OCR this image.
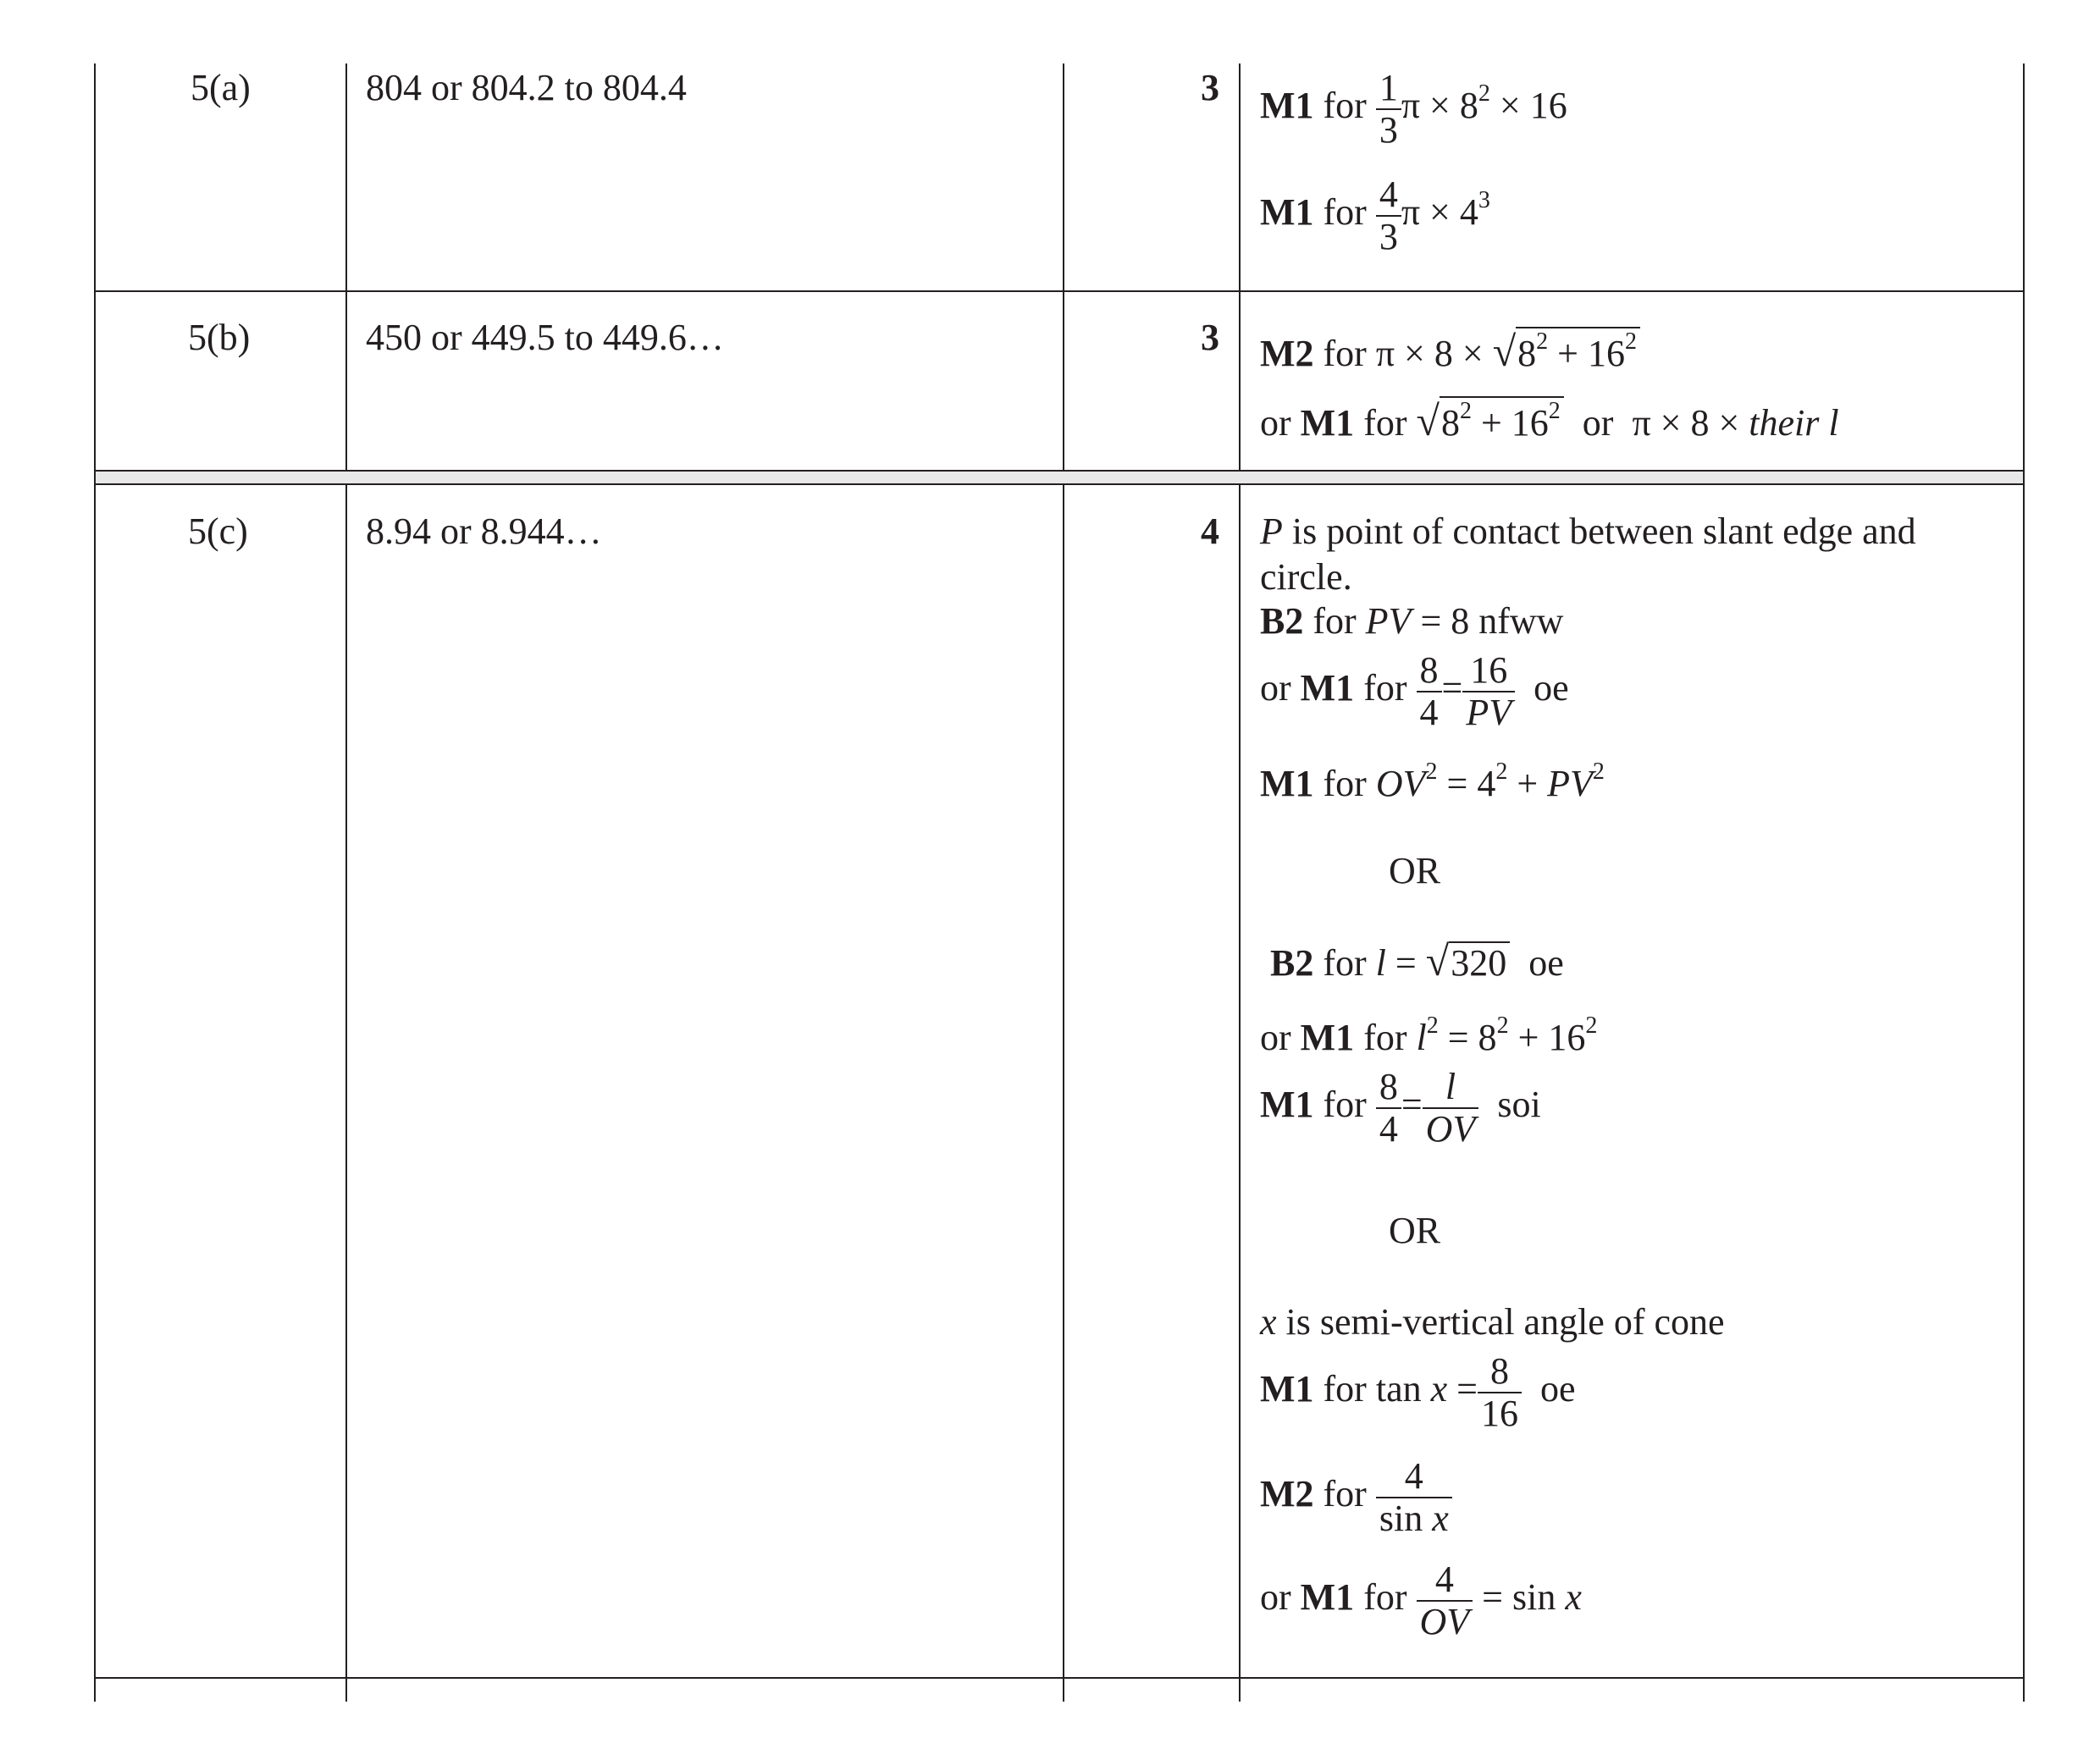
5(a)	804 or 804.2 to 804.4	3 M1 for $\frac{1}{3}$ $\pi \times 8^2 \times 16$
M1 for $\frac{4}{3}$ $\pi \times 4^3$
5(b)	450 or 449.5 to 449.6…	3 M2 for $\pi \times 8 \times √8^2 + 16^2$
or M1 for $√8^2 + 16^2$ or π × 8 × their l
5(c)	8.94 or 8.944…	4 P is point of contact between slant edge and
circle.
B2 for PV = 8 nfww
or M1 for $\frac{8}{4} = \frac{16}{PV}$ oe
M1 for $OV^2 = 4^2 + PV^2$
OR
B2 for l = √320 oe
or M1 for $l^2 = 8^2 + 16^2$
M1 for $\frac{8}{4} = \frac{l}{OV}$ soi
OR
x is semi-vertical angle of cone
M1 for $\tan x = \frac{8}{16}$ oe
M2 for $\frac{4}{\text{sin x}}$
or M1 for $\frac{4}{OV} = \sin x$
